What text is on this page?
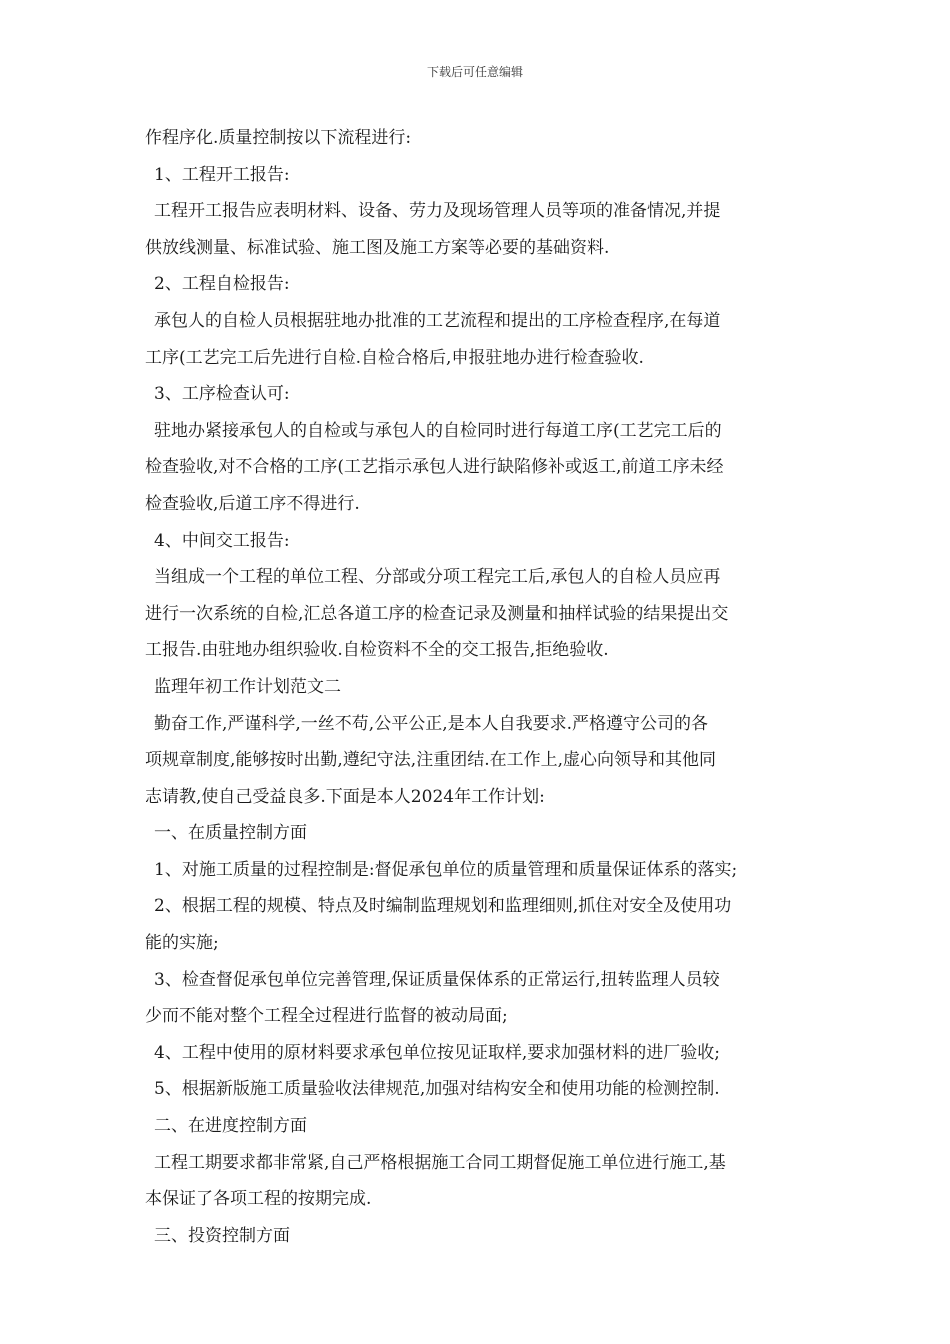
下载后可任意编辑
作程序化.质量控制按以下流程进行:
1、工程开工报告:
工程开工报告应表明材料、设备、劳力及现场管理人员等项的准备情况,并提
供放线测量、标准试验、施工图及施工方案等必要的基础资料.
2、工程自检报告:
承包人的自检人员根据驻地办批准的工艺流程和提出的工序检查程序,在每道
工序(工艺完工后先进行自检.自检合格后,申报驻地办进行检查验收.
3、工序检查认可:
驻地办紧接承包人的自检或与承包人的自检同时进行每道工序(工艺完工后的
检查验收,对不合格的工序(工艺指示承包人进行缺陷修补或返工,前道工序未经
检查验收,后道工序不得进行.
4、中间交工报告:
当组成一个工程的单位工程、分部或分项工程完工后,承包人的自检人员应再
进行一次系统的自检,汇总各道工序的检查记录及测量和抽样试验的结果提出交
工报告.由驻地办组织验收.自检资料不全的交工报告,拒绝验收.
监理年初工作计划范文二
勤奋工作,严谨科学,一丝不苟,公平公正,是本人自我要求.严格遵守公司的各
项规章制度,能够按时出勤,遵纪守法,注重团结.在工作上,虚心向领导和其他同
志请教,使自己受益良多.下面是本人2024年工作计划:
一、在质量控制方面
1、对施工质量的过程控制是:督促承包单位的质量管理和质量保证体系的落实;
2、根据工程的规模、特点及时编制监理规划和监理细则,抓住对安全及使用功
能的实施;
3、检查督促承包单位完善管理,保证质量保体系的正常运行,扭转监理人员较
少而不能对整个工程全过程进行监督的被动局面;
4、工程中使用的原材料要求承包单位按见证取样,要求加强材料的进厂验收;
5、根据新版施工质量验收法律规范,加强对结构安全和使用功能的检测控制.
二、在进度控制方面
工程工期要求都非常紧,自己严格根据施工合同工期督促施工单位进行施工,基
本保证了各项工程的按期完成.
三、投资控制方面
